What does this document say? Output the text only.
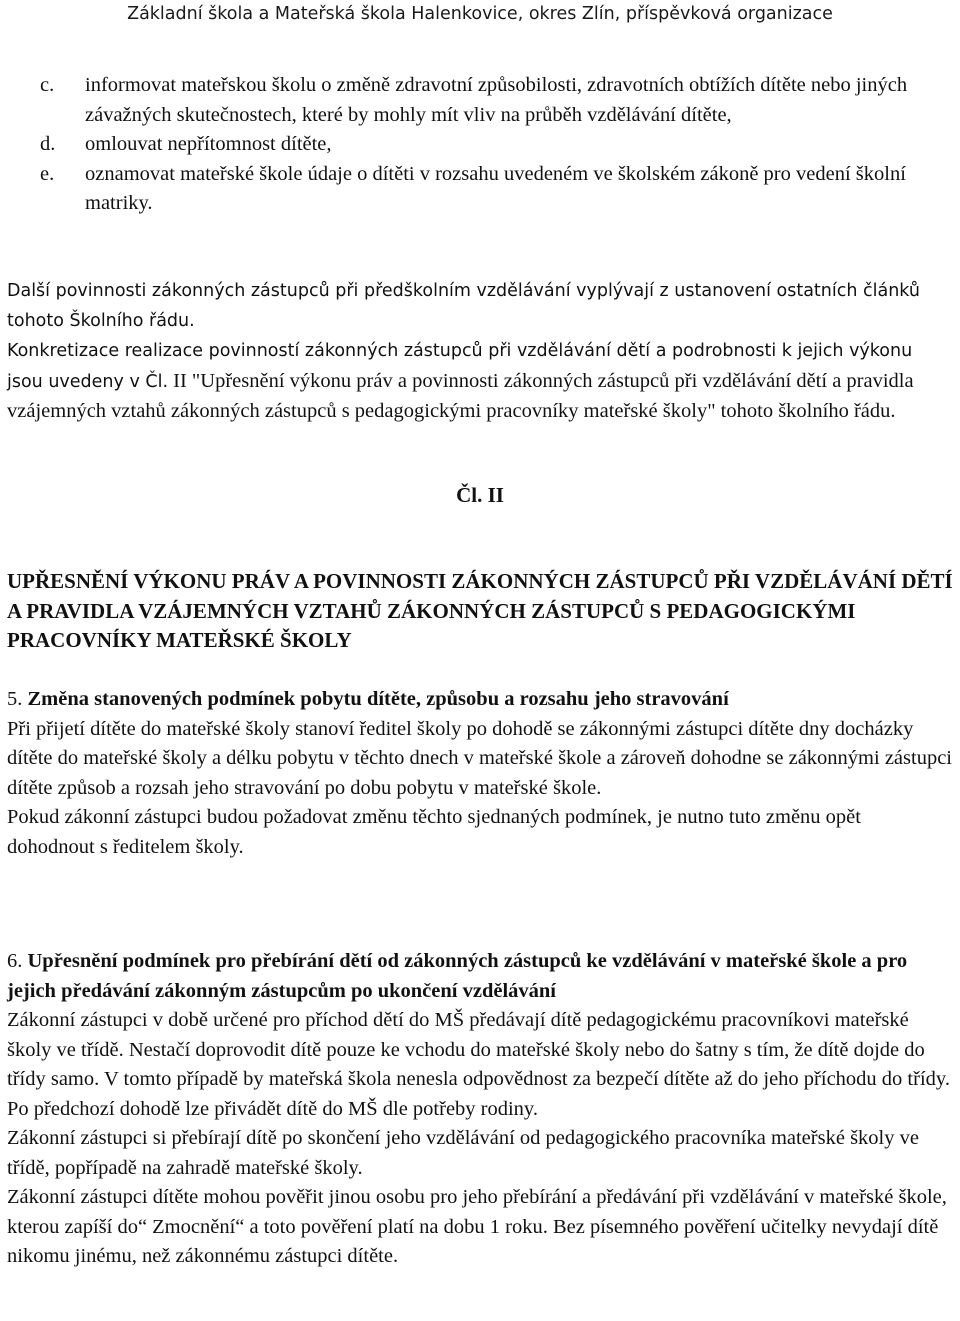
Základní škola a Mateřská škola Halenkovice, okres Zlín, příspěvková organizace
c.	informovat mateřskou školu o změně zdravotní způsobilosti, zdravotních obtížích dítěte nebo jiných závažných skutečnostech, které by mohly mít vliv na průběh vzdělávání dítěte,
d.	omlouvat nepřítomnost dítěte,
e.	oznamovat mateřské škole údaje o dítěti v rozsahu uvedeném ve školském zákoně pro vedení školní matriky.

Další povinnosti zákonných zástupců při předškolním vzdělávání vyplývají z ustanovení ostatních článků tohoto Školního řádu.

Konkretizace realizace povinností zákonných zástupců při vzdělávání dětí a podrobnosti k jejich výkonu jsou uvedeny v Čl. II "Upřesnění výkonu práv a povinnosti zákonných zástupců při vzdělávání dětí a pravidla vzájemných vztahů zákonných zástupců s pedagogickými pracovníky mateřské školy" tohoto školního řádu.

Čl. II
UPŘESNĚNÍ VÝKONU PRÁV A POVINNOSTI ZÁKONNÝCH ZÁSTUPCŮ PŘI VZDĚLÁVÁNÍ DĚTÍ A PRAVIDLA VZÁJEMNÝCH VZTAHŮ ZÁKONNÝCH ZÁSTUPCŮ S PEDAGOGICKÝMI PRACOVNÍKY MATEŘSKÉ ŠKOLY

5. Změna stanovených podmínek pobytu dítěte, způsobu a rozsahu jeho stravování

Při přijetí dítěte do mateřské školy stanoví ředitel školy po dohodě se zákonnými zástupci dítěte dny docházky dítěte do mateřské školy a délku pobytu v těchto dnech v mateřské škole a zároveň dohodne se zákonnými zástupci dítěte způsob a rozsah jeho stravování po dobu pobytu v mateřské škole.

Pokud zákonní zástupci budou požadovat změnu těchto sjednaných podmínek, je nutno tuto změnu opět dohodnout s ředitelem školy.

6. Upřesnění podmínek pro přebírání dětí od zákonných zástupců ke vzdělávání v mateřské škole a pro jejich předávání zákonným zástupcům po ukončení vzdělávání

Zákonní zástupci v době určené pro příchod dětí do MŠ předávají dítě pedagogickému pracovníkovi mateřské školy ve třídě. Nestačí doprovodit dítě pouze ke vchodu do mateřské školy nebo do šatny s tím, že dítě dojde do třídy samo. V tomto případě by mateřská škola nenesla odpovědnost za bezpečí dítěte až do jeho příchodu do třídy. Po předchozí dohodě lze přivádět dítě do MŠ dle potřeby rodiny.

Zákonní zástupci si přebírají dítě po skončení jeho vzdělávání od pedagogického pracovníka mateřské školy ve třídě, popřípadě na zahradě mateřské školy.

Zákonní zástupci dítěte mohou pověřit jinou osobu pro jeho přebírání a předávání při vzdělávání v mateřské škole, kterou zapíší do“ Zmocnění“ a toto pověření platí na dobu 1 roku. Bez písemného pověření učitelky nevydají dítě nikomu jinému, než zákonnému zástupci dítěte.
